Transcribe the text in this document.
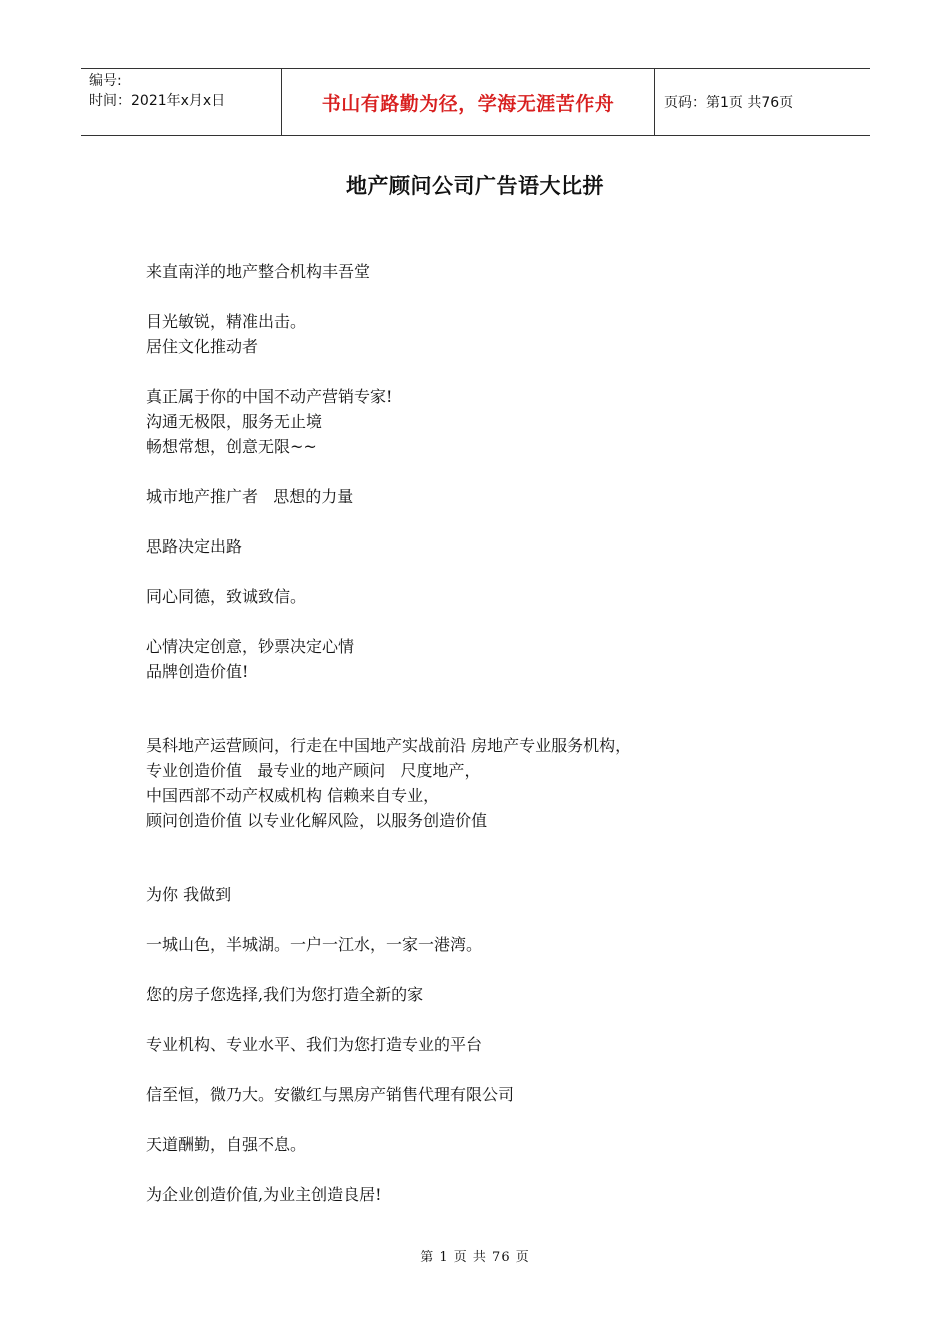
编号:
时间：2021年x月x日	书山有路勤为径，学海无涯苦作舟	页码：第1页 共76页
地产顾问公司广告语大比拼
来直南洋的地产整合机构丰吾堂
目光敏锐，精准出击。
居住文化推动者
真正属于你的中国不动产营销专家!
沟通无极限，服务无止境
畅想常想，创意无限~~
城市地产推广者   思想的力量
思路决定出路
同心同德，致诚致信。
心情决定创意，钞票决定心情
品牌创造价值!
昊科地产运营顾问，行走在中国地产实战前沿 房地产专业服务机构，
专业创造价值   最专业的地产顾问   尺度地产，
中国西部不动产权威机构 信赖来自专业，
顾问创造价值 以专业化解风险，以服务创造价值
为你 我做到
一城山色，半城湖。一户一江水，一家一港湾。
您的房子您选择,我们为您打造全新的家
专业机构、专业水平、我们为您打造专业的平台
信至恒，微乃大。安徽红与黑房产销售代理有限公司
天道酬勤，自强不息。
为企业创造价值,为业主创造良居!
第 1 页 共 76 页
